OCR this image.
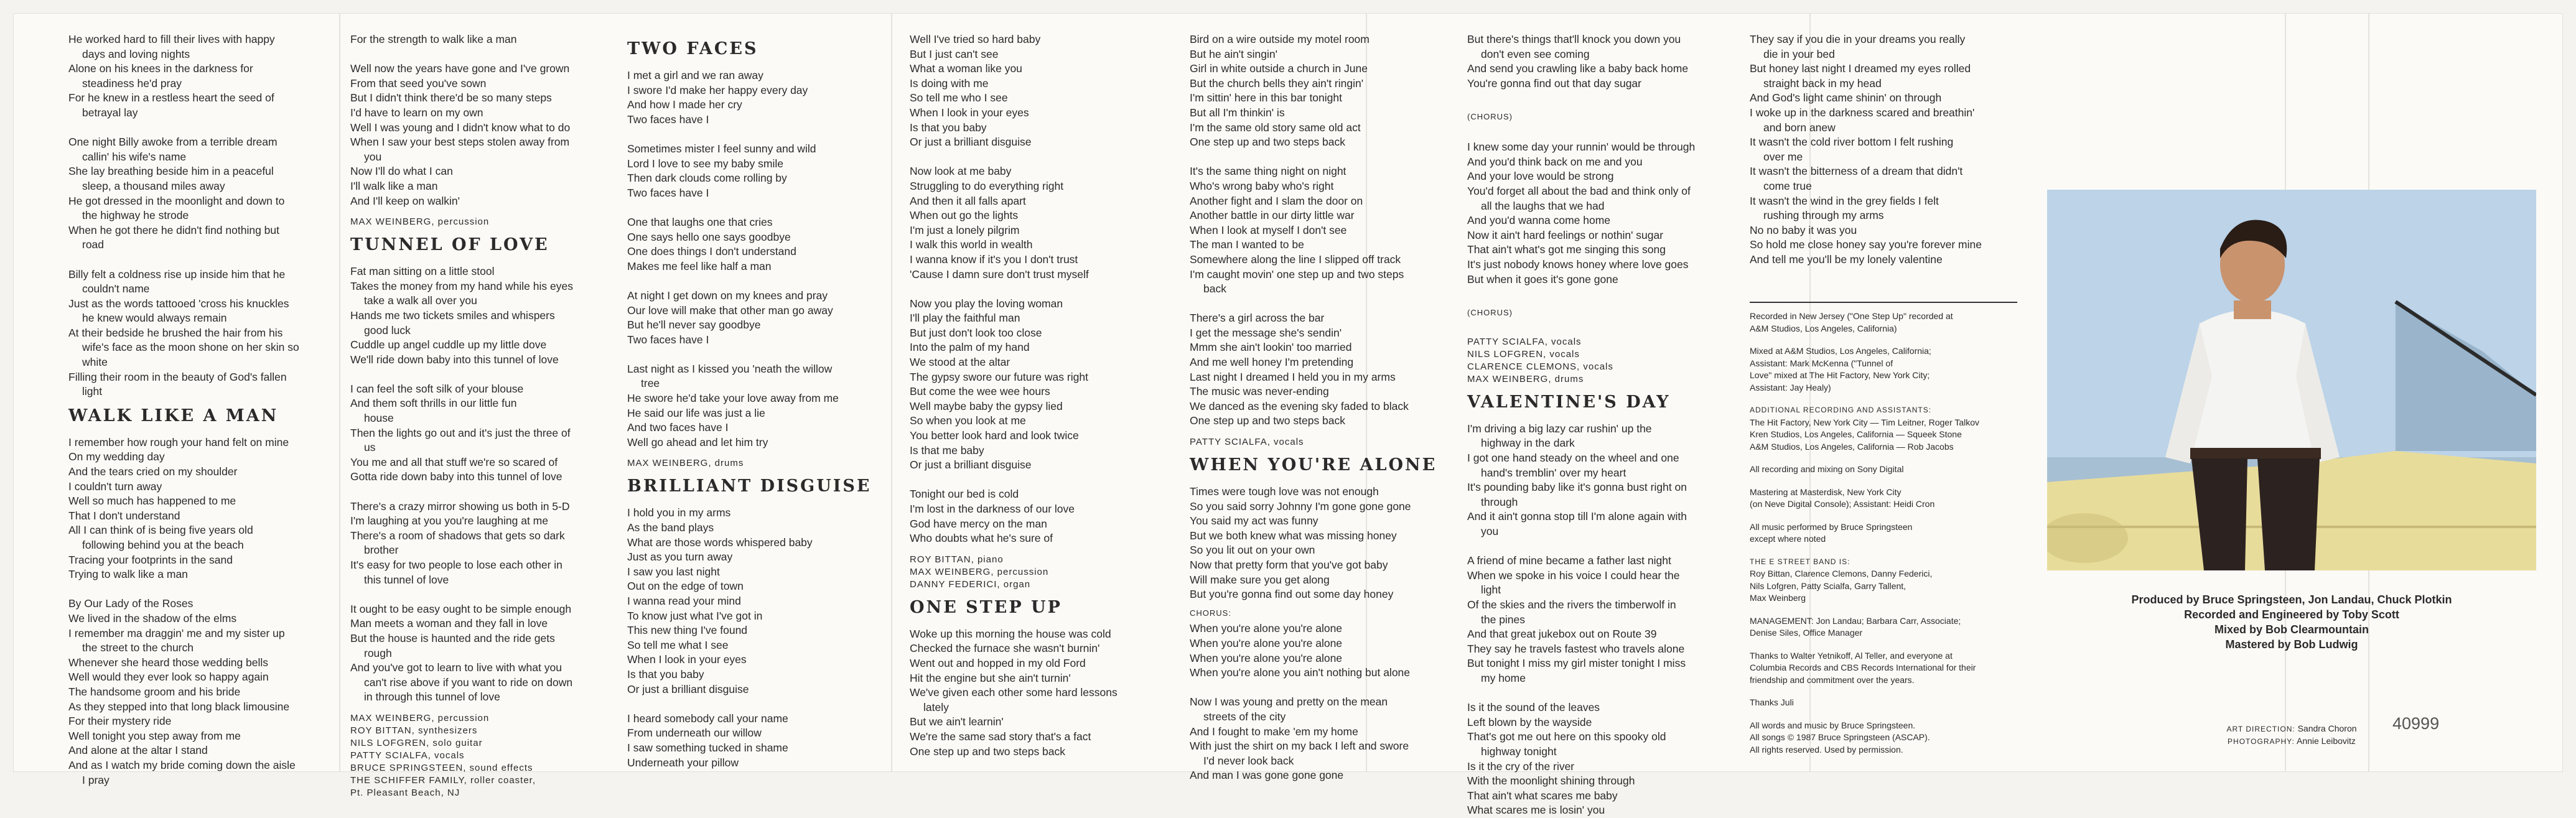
He worked hard to fill their lives with happy
days and loving nights
Alone on his knees in the darkness for
steadiness he'd pray
For he knew in a restless heart the seed of
betrayal lay
One night Billy awoke from a terrible dream
callin' his wife's name
She lay breathing beside him in a peaceful
sleep, a thousand miles away
He got dressed in the moonlight and down to
the highway he strode
When he got there he didn't find nothing but
road
Billy felt a coldness rise up inside him that he
couldn't name
Just as the words tattooed 'cross his knuckles
he knew would always remain
At their bedside he brushed the hair from his
wife's face as the moon shone on her skin so
white
Filling their room in the beauty of God's fallen
light
WALK LIKE A MAN
I remember how rough your hand felt on mine
On my wedding day
And the tears cried on my shoulder
I couldn't turn away
Well so much has happened to me
That I don't understand
All I can think of is being five years old
following behind you at the beach
Tracing your footprints in the sand
Trying to walk like a man
By Our Lady of the Roses
We lived in the shadow of the elms
I remember ma draggin' me and my sister up
the street to the church
Whenever she heard those wedding bells
Well would they ever look so happy again
The handsome groom and his bride
As they stepped into that long black limousine
For their mystery ride
Well tonight you step away from me
And alone at the altar I stand
And as I watch my bride coming down the aisle
I pray
For the strength to walk like a man
Well now the years have gone and I've grown
From that seed you've sown
But I didn't think there'd be so many steps
I'd have to learn on my own
Well I was young and I didn't know what to do
When I saw your best steps stolen away from
you
Now I'll do what I can
I'll walk like a man
And I'll keep on walkin'
MAX WEINBERG, percussion
TUNNEL OF LOVE
Fat man sitting on a little stool
Takes the money from my hand while his eyes
take a walk all over you
Hands me two tickets smiles and whispers
good luck
Cuddle up angel cuddle up my little dove
We'll ride down baby into this tunnel of love
I can feel the soft silk of your blouse
And them soft thrills in our little fun
house
Then the lights go out and it's just the three of
us
You me and all that stuff we're so scared of
Gotta ride down baby into this tunnel of love
There's a crazy mirror showing us both in 5-D
I'm laughing at you you're laughing at me
There's a room of shadows that gets so dark
brother
It's easy for two people to lose each other in
this tunnel of love
It ought to be easy ought to be simple enough
Man meets a woman and they fall in love
But the house is haunted and the ride gets
rough
And you've got to learn to live with what you
can't rise above if you want to ride on down
in through this tunnel of love
MAX WEINBERG, percussion
ROY BITTAN, synthesizers
NILS LOFGREN, solo guitar
PATTY SCIALFA, vocals
BRUCE SPRINGSTEEN, sound effects
THE SCHIFFER FAMILY, roller coaster,
Pt. Pleasant Beach, NJ
TWO FACES
I met a girl and we ran away
I swore I'd make her happy every day
And how I made her cry
Two faces have I
Sometimes mister I feel sunny and wild
Lord I love to see my baby smile
Then dark clouds come rolling by
Two faces have I
One that laughs one that cries
One says hello one says goodbye
One does things I don't understand
Makes me feel like half a man
At night I get down on my knees and pray
Our love will make that other man go away
But he'll never say goodbye
Two faces have I
Last night as I kissed you 'neath the willow
tree
He swore he'd take your love away from me
He said our life was just a lie
And two faces have I
Well go ahead and let him try
MAX WEINBERG, drums
BRILLIANT DISGUISE
I hold you in my arms
As the band plays
What are those words whispered baby
Just as you turn away
I saw you last night
Out on the edge of town
I wanna read your mind
To know just what I've got in
This new thing I've found
So tell me what I see
When I look in your eyes
Is that you baby
Or just a brilliant disguise
I heard somebody call your name
From underneath our willow
I saw something tucked in shame
Underneath your pillow
Well I've tried so hard baby
But I just can't see
What a woman like you
Is doing with me
So tell me who I see
When I look in your eyes
Is that you baby
Or just a brilliant disguise
Now look at me baby
Struggling to do everything right
And then it all falls apart
When out go the lights
I'm just a lonely pilgrim
I walk this world in wealth
I wanna know if it's you I don't trust
'Cause I damn sure don't trust myself
Now you play the loving woman
I'll play the faithful man
But just don't look too close
Into the palm of my hand
We stood at the altar
The gypsy swore our future was right
But come the wee wee hours
Well maybe baby the gypsy lied
So when you look at me
You better look hard and look twice
Is that me baby
Or just a brilliant disguise
Tonight our bed is cold
I'm lost in the darkness of our love
God have mercy on the man
Who doubts what he's sure of
ROY BITTAN, piano
MAX WEINBERG, percussion
DANNY FEDERICI, organ
ONE STEP UP
Woke up this morning the house was cold
Checked the furnace she wasn't burnin'
Went out and hopped in my old Ford
Hit the engine but she ain't turnin'
We've given each other some hard lessons
lately
But we ain't learnin'
We're the same sad story that's a fact
One step up and two steps back
Bird on a wire outside my motel room
But he ain't singin'
Girl in white outside a church in June
But the church bells they ain't ringin'
I'm sittin' here in this bar tonight
But all I'm thinkin' is
I'm the same old story same old act
One step up and two steps back
It's the same thing night on night
Who's wrong baby who's right
Another fight and I slam the door on
Another battle in our dirty little war
When I look at myself I don't see
The man I wanted to be
Somewhere along the line I slipped off track
I'm caught movin' one step up and two steps
back
There's a girl across the bar
I get the message she's sendin'
Mmm she ain't lookin' too married
And me well honey I'm pretending
Last night I dreamed I held you in my arms
The music was never-ending
We danced as the evening sky faded to black
One step up and two steps back
PATTY SCIALFA, vocals
WHEN YOU'RE ALONE
Times were tough love was not enough
So you said sorry Johnny I'm gone gone gone
You said my act was funny
But we both knew what was missing honey
So you lit out on your own
Now that pretty form that you've got baby
Will make sure you get along
But you're gonna find out some day honey
CHORUS:
When you're alone you're alone
When you're alone you're alone
When you're alone you're alone
When you're alone you ain't nothing but alone
Now I was young and pretty on the mean
streets of the city
And I fought to make 'em my home
With just the shirt on my back I left and swore
I'd never look back
And man I was gone gone gone
But there's things that'll knock you down you
don't even see coming
And send you crawling like a baby back home
You're gonna find out that day sugar
(CHORUS)
I knew some day your runnin' would be through
And you'd think back on me and you
And your love would be strong
You'd forget all about the bad and think only of
all the laughs that we had
And you'd wanna come home
Now it ain't hard feelings or nothin' sugar
That ain't what's got me singing this song
It's just nobody knows honey where love goes
But when it goes it's gone gone
(CHORUS)
PATTY SCIALFA, vocals
NILS LOFGREN, vocals
CLARENCE CLEMONS, vocals
MAX WEINBERG, drums
VALENTINE'S DAY
I'm driving a big lazy car rushin' up the
highway in the dark
I got one hand steady on the wheel and one
hand's tremblin' over my heart
It's pounding baby like it's gonna bust right on
through
And it ain't gonna stop till I'm alone again with
you
A friend of mine became a father last night
When we spoke in his voice I could hear the
light
Of the skies and the rivers the timberwolf in
the pines
And that great jukebox out on Route 39
They say he travels fastest who travels alone
But tonight I miss my girl mister tonight I miss
my home
Is it the sound of the leaves
Left blown by the wayside
That's got me out here on this spooky old
highway tonight
Is it the cry of the river
With the moonlight shining through
That ain't what scares me baby
What scares me is losin' you
They say if you die in your dreams you really
die in your bed
But honey last night I dreamed my eyes rolled
straight back in my head
And God's light came shinin' on through
I woke up in the darkness scared and breathin'
and born anew
It wasn't the cold river bottom I felt rushing
over me
It wasn't the bitterness of a dream that didn't
come true
It wasn't the wind in the grey fields I felt
rushing through my arms
No no baby it was you
So hold me close honey say you're forever mine
And tell me you'll be my lonely valentine
Recorded in New Jersey ("One Step Up" recorded at
A&M Studios, Los Angeles, California)
Mixed at A&M Studios, Los Angeles, California;
Assistant: Mark McKenna ("Tunnel of
Love" mixed at The Hit Factory, New York City;
Assistant: Jay Healy)
ADDITIONAL RECORDING AND ASSISTANTS:
The Hit Factory, New York City — Tim Leitner, Roger Talkov
Kren Studios, Los Angeles, California — Squeek Stone
A&M Studios, Los Angeles, California — Rob Jacobs
All recording and mixing on Sony Digital
Mastering at Masterdisk, New York City
(on Neve Digital Console); Assistant: Heidi Cron
All music performed by Bruce Springsteen
except where noted
THE E STREET BAND IS:
Roy Bittan, Clarence Clemons, Danny Federici,
Nils Lofgren, Patty Scialfa, Garry Tallent,
Max Weinberg
MANAGEMENT: Jon Landau; Barbara Carr, Associate;
Denise Siles, Office Manager
Thanks to Walter Yetnikoff, Al Teller, and everyone at
Columbia Records and CBS Records International for their
friendship and commitment over the years.
Thanks Juli
All words and music by Bruce Springsteen.
All songs © 1987 Bruce Springsteen (ASCAP).
All rights reserved. Used by permission.
Produced by Bruce Springsteen, Jon Landau, Chuck Plotkin
Recorded and Engineered by Toby Scott
Mixed by Bob Clearmountain
Mastered by Bob Ludwig
ART DIRECTION: Sandra Choron
PHOTOGRAPHY: Annie Leibovitz
40999
